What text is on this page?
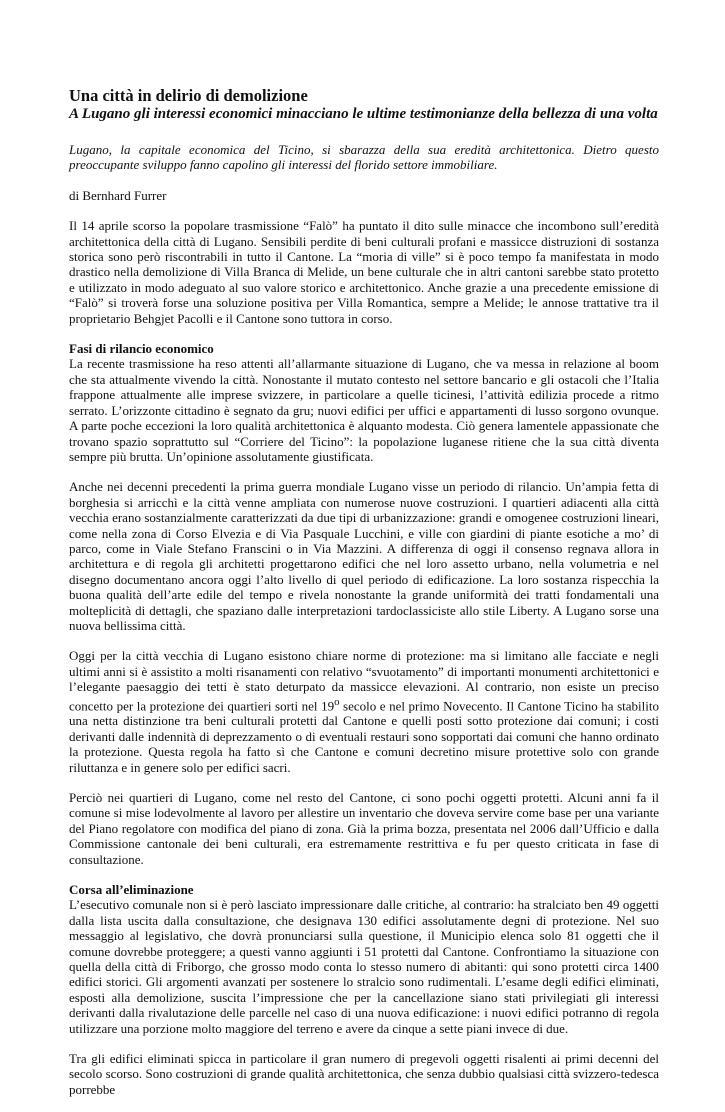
Una città in delirio di demolizione
A Lugano gli interessi economici minacciano le ultime testimonianze della bellezza di una volta

Lugano, la capitale economica del Ticino, si sbarazza della sua eredità architettonica. Dietro questo preoccupante sviluppo fanno capolino gli interessi del florido settore immobiliare.

di Bernhard Furrer

Il 14 aprile scorso la popolare trasmissione “Falò” ha puntato il dito sulle minacce che incombono sull’eredità architettonica della città di Lugano. Sensibili perdite di beni culturali profani e massicce distruzioni di sostanza storica sono però riscontrabili in tutto il Cantone. La “moria di ville” si è poco tempo fa manifestata in modo drastico nella demolizione di Villa Branca di Melide, un bene culturale che in altri cantoni sarebbe stato protetto e utilizzato in modo adeguato al suo valore storico e architettonico. Anche grazie a una precedente emissione di “Falò” si troverà forse una soluzione positiva per Villa Romantica, sempre a Melide; le annose trattative tra il proprietario Behgjet Pacolli e il Cantone sono tuttora in corso.

Fasi di rilancio economico

La recente trasmissione ha reso attenti all’allarmante situazione di Lugano, che va messa in relazione al boom che sta attualmente vivendo la città. Nonostante il mutato contesto nel settore bancario e gli ostacoli che l’Italia frappone attualmente alle imprese svizzere, in particolare a quelle ticinesi, l’attività edilizia procede a ritmo serrato. L’orizzonte cittadino è segnato da gru; nuovi edifici per uffici e appartamenti di lusso sorgono ovunque. A parte poche eccezioni la loro qualità architettonica è alquanto modesta. Ciò genera lamentele appassionate che trovano spazio soprattutto sul “Corriere del Ticino”: la popolazione luganese ritiene che la sua città diventa sempre più brutta. Un’opinione assolutamente giustificata.

Anche nei decenni precedenti la prima guerra mondiale Lugano visse un periodo di rilancio. Un’ampia fetta di borghesia si arricchì e la città venne ampliata con numerose nuove costruzioni. I quartieri adiacenti alla città vecchia erano sostanzialmente caratterizzati da due tipi di urbanizzazione: grandi e omogenee costruzioni lineari, come nella zona di Corso Elvezia e di Via Pasquale Lucchini, e ville con giardini di piante esotiche a mo’ di parco, come in Viale Stefano Franscini o in Via Mazzini. A differenza di oggi il consenso regnava allora in architettura e di regola gli architetti progettarono edifici che nel loro assetto urbano, nella volumetria e nel disegno documentano ancora oggi l’alto livello di quel periodo di edificazione. La loro sostanza rispecchia la buona qualità dell’arte edile del tempo e rivela nonostante la grande uniformità dei tratti fondamentali una molteplicità di dettagli, che spaziano dalle interpretazioni tardoclassiciste allo stile Liberty. A Lugano sorse una nuova bellissima città.

Oggi per la città vecchia di Lugano esistono chiare norme di protezione: ma si limitano alle facciate e negli ultimi anni si è assistito a molti risanamenti con relativo “svuotamento” di importanti monumenti architettonici e l’elegante paesaggio dei tetti è stato deturpato da massicce elevazioni. Al contrario, non esiste un preciso concetto per la protezione dei quartieri sorti nel 19$^o$ secolo e nel primo Novecento. Il Cantone Ticino ha stabilito una netta distinzione tra beni culturali protetti dal Cantone e quelli posti sotto protezione dai comuni; i costi derivanti dalle indennità di deprezzamento o di eventuali restauri sono sopportati dai comuni che hanno ordinato la protezione. Questa regola ha fatto sì che Cantone e comuni decretino misure protettive solo con grande riluttanza e in genere solo per edifici sacri.

Perciò nei quartieri di Lugano, come nel resto del Cantone, ci sono pochi oggetti protetti. Alcuni anni fa il comune si mise lodevolmente al lavoro per allestire un inventario che doveva servire come base per una variante del Piano regolatore con modifica del piano di zona. Già la prima bozza, presentata nel 2006 dall’Ufficio e dalla Commissione cantonale dei beni culturali, era estremamente restrittiva e fu per questo criticata in fase di consultazione.

Corsa all’eliminazione

L’esecutivo comunale non si è però lasciato impressionare dalle critiche, al contrario: ha stralciato ben 49 oggetti dalla lista uscita dalla consultazione, che designava 130 edifici assolutamente degni di protezione. Nel suo messaggio al legislativo, che dovrà pronunciarsi sulla questione, il Municipio elenca solo 81 oggetti che il comune dovrebbe proteggere; a questi vanno aggiunti i 51 protetti dal Cantone. Confrontiamo la situazione con quella della città di Friborgo, che grosso modo conta lo stesso numero di abitanti: qui sono protetti circa 1400 edifici storici. Gli argomenti avanzati per sostenere lo stralcio sono rudimentali. L’esame degli edifici eliminati, esposti alla demolizione, suscita l’impressione che per la cancellazione siano stati privilegiati gli interessi derivanti dalla rivalutazione delle parcelle nel caso di una nuova edificazione: i nuovi edifici potranno di regola utilizzare una porzione molto maggiore del terreno e avere da cinque a sette piani invece di due.

Tra gli edifici eliminati spicca in particolare il gran numero di pregevoli oggetti risalenti ai primi decenni del secolo scorso. Sono costruzioni di grande qualità architettonica, che senza dubbio qualsiasi città svizzero-tedesca porrebbe
